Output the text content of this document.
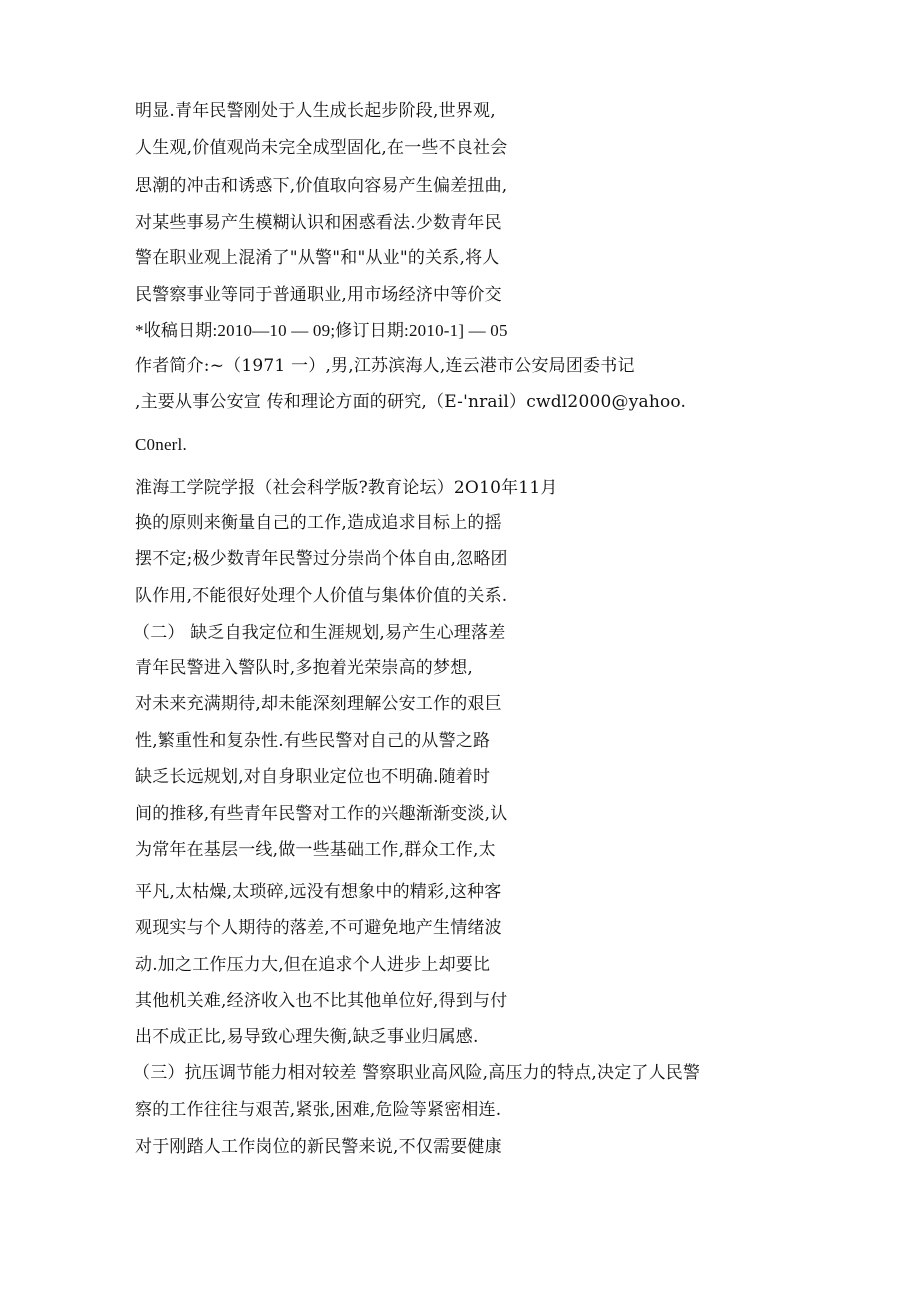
明显.青年民警刚处于人生成长起步阶段,世界观,
人生观,价值观尚未完全成型固化,在一些不良社会
思潮的冲击和诱惑下,价值取向容易产生偏差扭曲,
对某些事易产生模糊认识和困惑看法.少数青年民
警在职业观上混淆了"从警"和"从业"的关系,将人
民警察事业等同于普通职业,用市场经济中等价交
*收稿日期:2010—10 — 09;修订日期:2010-1] — 05
作者简介:~（1971 一）,男,江苏滨海人,连云港市公安局团委书记
,主要从事公安宣 传和理论方面的研究,（E-'nrail）cwdl2000@yahoo.
C0nerl.
淮海工学院学报（社会科学版?教育论坛）2O10年11月
换的原则来衡量自己的工作,造成追求目标上的摇
摆不定;极少数青年民警过分崇尚个体自由,忽略团
队作用,不能很好处理个人价值与集体价值的关系.
（二） 缺乏自我定位和生涯规划,易产生心理落差
青年民警进入警队时,多抱着光荣崇高的梦想,
对未来充满期待,却未能深刻理解公安工作的艰巨
性,繁重性和复杂性.有些民警对自己的从警之路
缺乏长远规划,对自身职业定位也不明确.随着时
间的推移,有些青年民警对工作的兴趣渐渐变淡,认
为常年在基层一线,做一些基础工作,群众工作,太
平凡,太枯燥,太琐碎,远没有想象中的精彩,这种客
观现实与个人期待的落差,不可避免地产生情绪波
动.加之工作压力大,但在追求个人进步上却要比
其他机关难,经济收入也不比其他单位好,得到与付
出不成正比,易导致心理失衡,缺乏事业归属感.
（三）抗压调节能力相对较差 警察职业高风险,高压力的特点,决定了人民警
察的工作往往与艰苦,紧张,困难,危险等紧密相连.
对于刚踏人工作岗位的新民警来说,不仅需要健康
